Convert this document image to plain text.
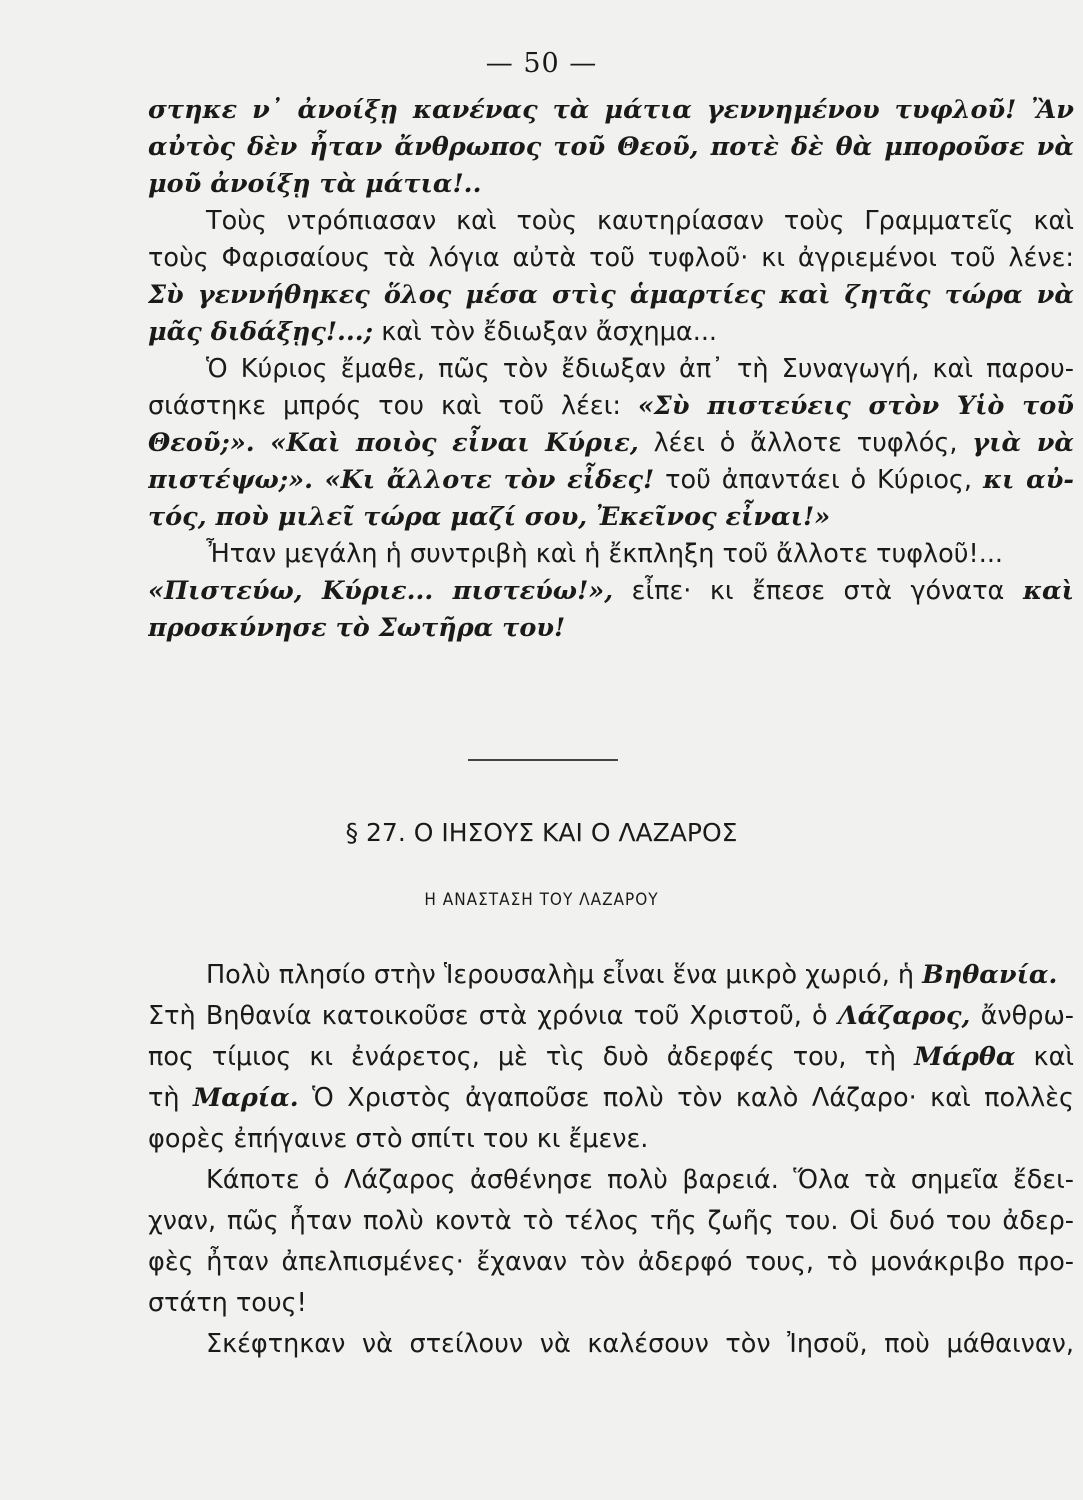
— 50 —
στηκε ν᾽ ἀνοίξῃ κανένας τὰ μάτια γεννημένου τυφλοῦ! Ἂν
αὐτὸς δὲν ἦταν ἄνθρωπος τοῦ Θεοῦ, ποτὲ δὲ θὰ μποροῦσε νὰ
μοῦ ἀνοίξῃ τὰ μάτια!..
Τοὺς ντρόπιασαν καὶ τοὺς καυτηρίασαν τοὺς Γραμματεῖς καὶ
τοὺς Φαρισαίους τὰ λόγια αὐτὰ τοῦ τυφλοῦ· κι ἀγριεμένοι τοῦ λένε:
Σὺ γεννήθηκες ὅλος μέσα στὶς ἁμαρτίες καὶ ζητᾶς τώρα νὰ
μᾶς διδάξῃς!...; καὶ τὸν ἔδιωξαν ἄσχημα...
Ὁ Κύριος ἔμαθε, πῶς τὸν ἔδιωξαν ἀπ᾽ τὴ Συναγωγή, καὶ παρου-
σιάστηκε μπρός του καὶ τοῦ λέει: «Σὺ πιστεύεις στὸν Υἱὸ τοῦ
Θεοῦ;». «Καὶ ποιὸς εἶναι Κύριε, λέει ὁ ἄλλοτε τυφλός, γιὰ νὰ
πιστέψω;». «Κι ἄλλοτε τὸν εἶδες! τοῦ ἀπαντάει ὁ Κύριος, κι αὐ-
τός, ποὺ μιλεῖ τώρα μαζί σου, Ἐκεῖνος εἶναι!»
Ἦταν μεγάλη ἡ συντριβὴ καὶ ἡ ἔκπληξη τοῦ ἄλλοτε τυφλοῦ!...
«Πιστεύω, Κύριε... πιστεύω!», εἶπε· κι ἔπεσε στὰ γόνατα καὶ
προσκύνησε τὸ Σωτῆρα του!
§ 27. Ο ΙΗΣΟΥΣ ΚΑΙ Ο ΛΑΖΑΡΟΣ
Η ΑΝΑΣΤΑΣΗ ΤΟΥ ΛΑΖΑΡΟΥ
Πολὺ πλησίο στὴν Ἱερουσαλὴμ εἶναι ἕνα μικρὸ χωριό, ἡ Βηθανία.
Στὴ Βηθανία κατοικοῦσε στὰ χρόνια τοῦ Χριστοῦ, ὁ Λάζαρος, ἄνθρω-
πος τίμιος κι ἐνάρετος, μὲ τὶς δυὸ ἀδερφές του, τὴ Μάρθα καὶ
τὴ Μαρία. Ὁ Χριστὸς ἀγαποῦσε πολὺ τὸν καλὸ Λάζαρο· καὶ πολλὲς
φορὲς ἐπήγαινε στὸ σπίτι του κι ἔμενε.
Κάποτε ὁ Λάζαρος ἀσθένησε πολὺ βαρειά. Ὅλα τὰ σημεῖα ἔδει-
χναν, πῶς ἦταν πολὺ κοντὰ τὸ τέλος τῆς ζωῆς του. Οἱ δυό του ἀδερ-
φὲς ἦταν ἀπελπισμένες· ἔχαναν τὸν ἀδερφό τους, τὸ μονάκριβο προ-
στάτη τους!
Σκέφτηκαν νὰ στείλουν νὰ καλέσουν τὸν Ἰησοῦ, ποὺ μάθαιναν,
